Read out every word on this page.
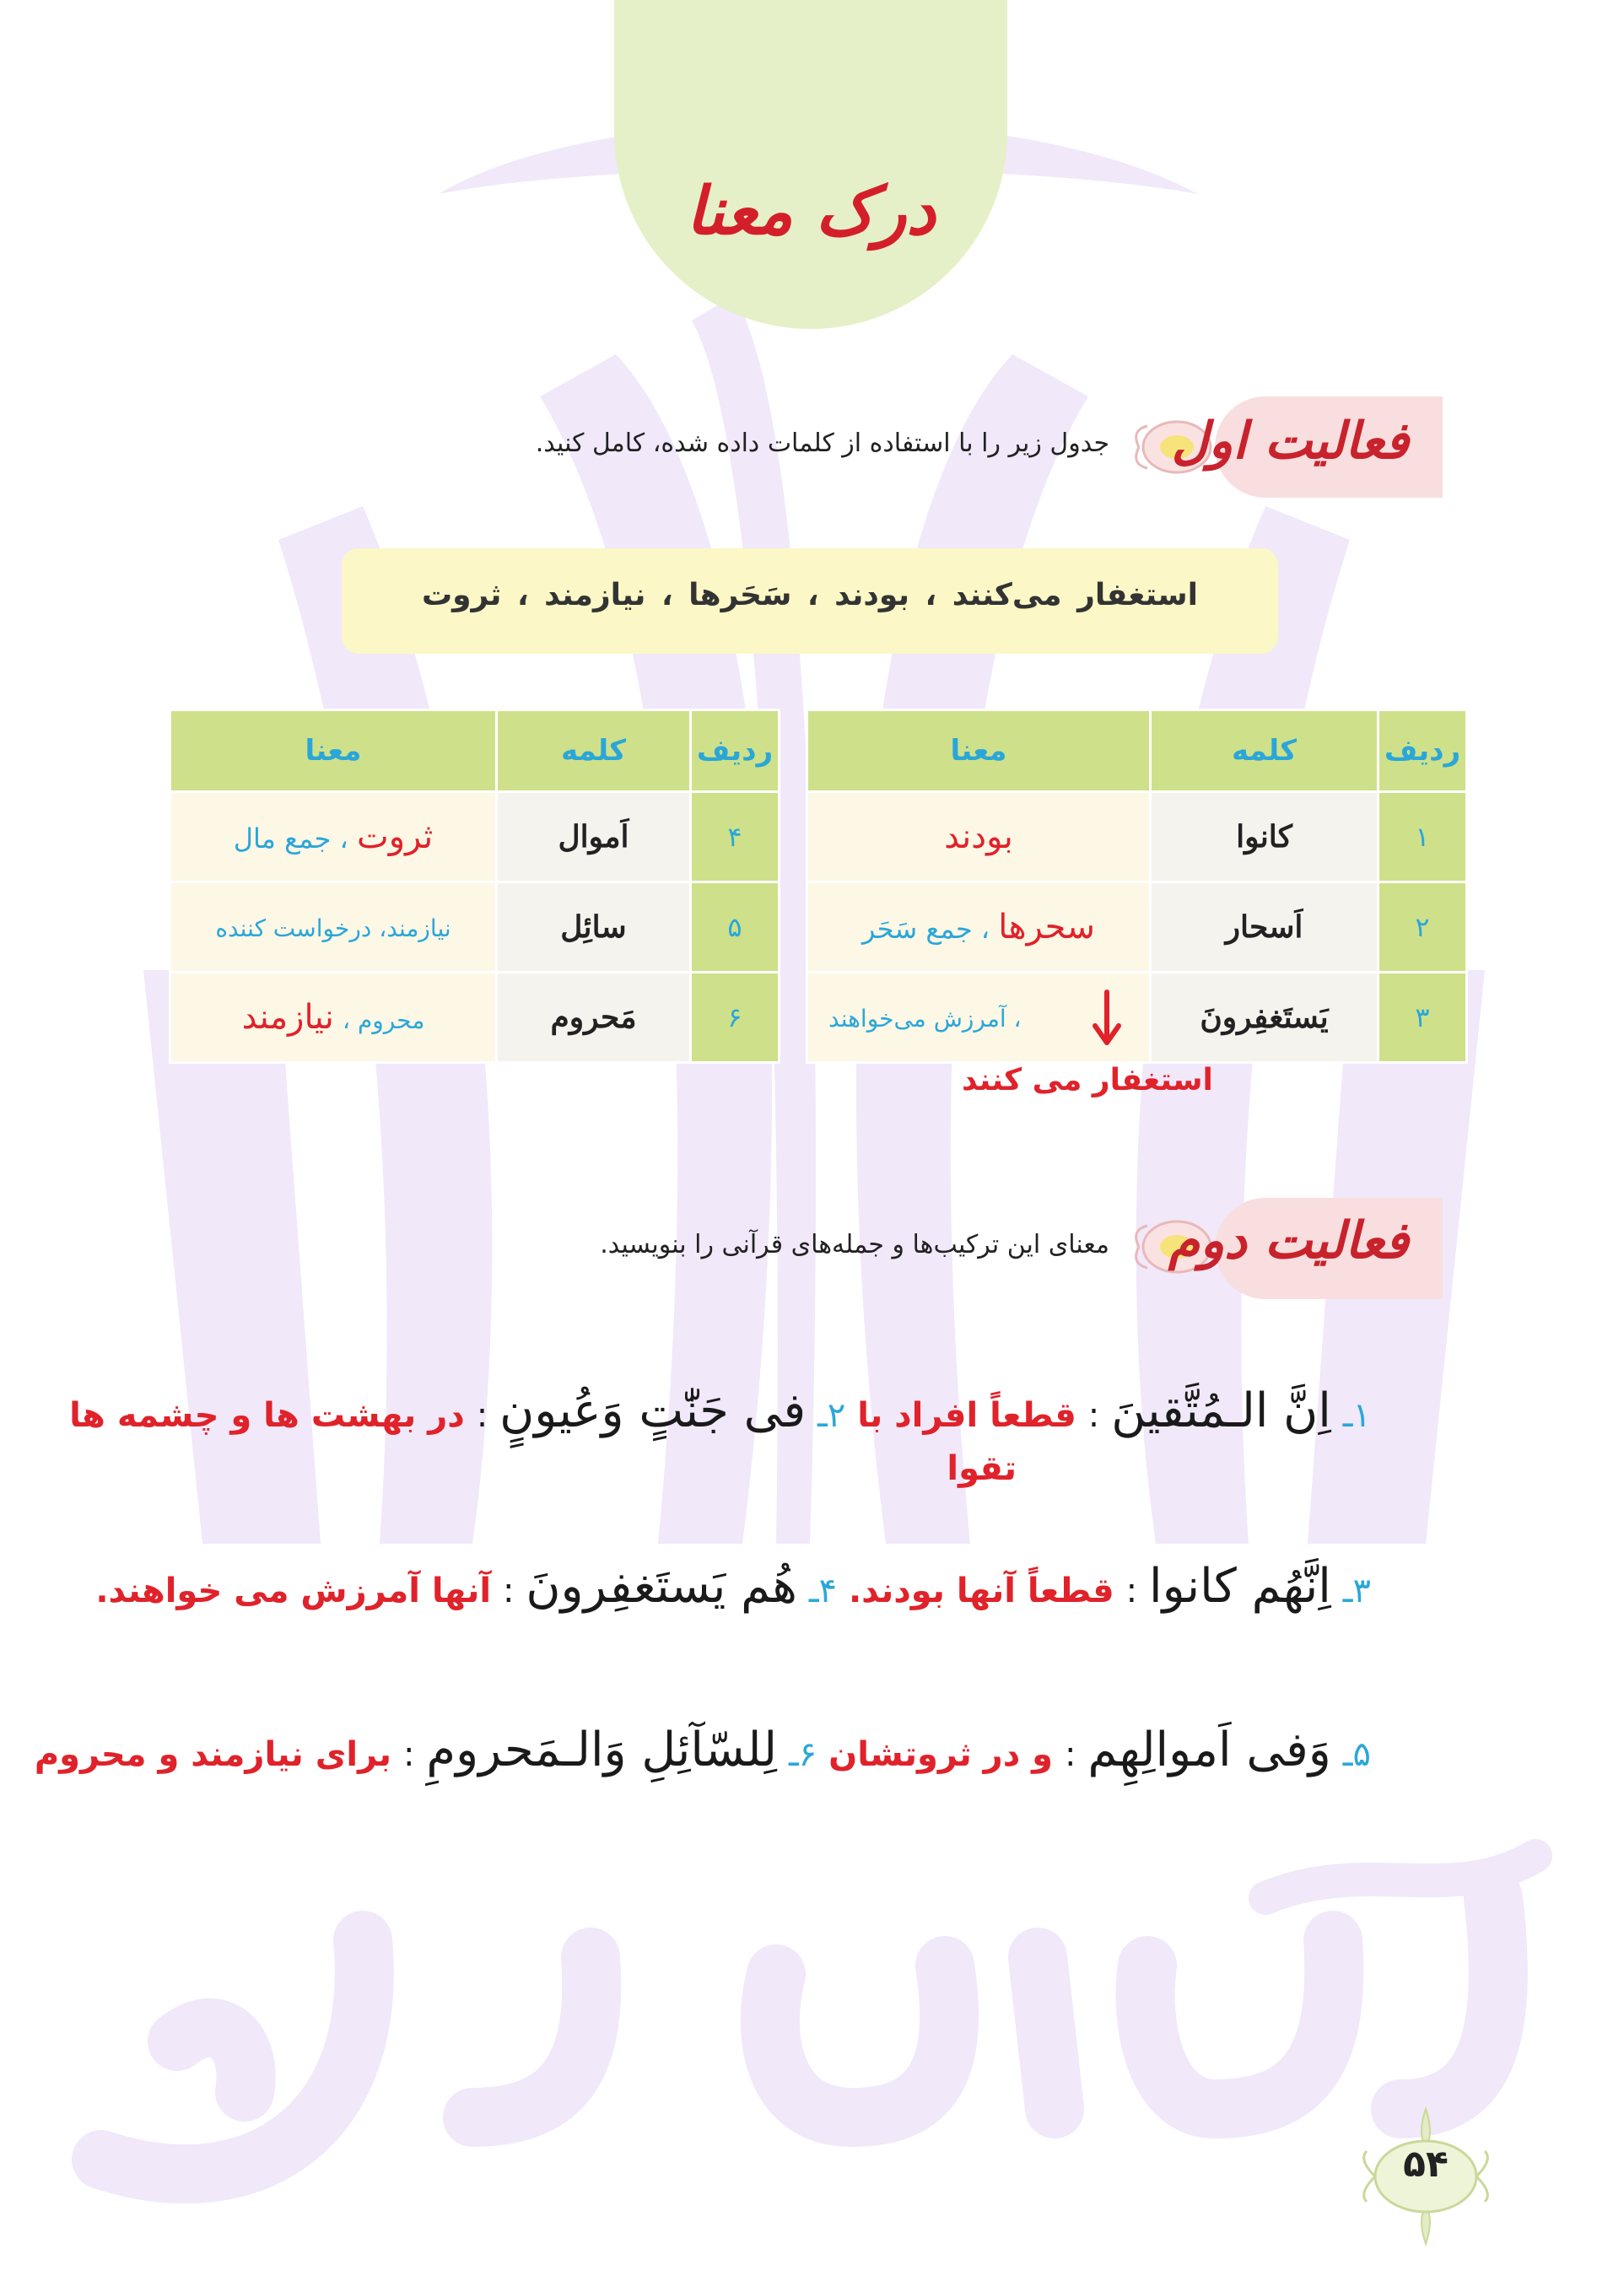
درک معنا
فعالیت اول
جدول زیر را با استفاده از کلمات داده شده، کامل کنید.
استغفار می‌کنند ، بودند ، سَحَرها ، نیازمند ، ثروت
ردیف	کلمه	معنا
۱	کانوا	بودند
۲	اَسحار	سحرها ، جمع سَحَر
۳	یَستَغفِرونَ	، آمرزش می‌خواهند
ردیف	کلمه	معنا
۴	اَموال	ثروت ، جمع مال
۵	سائِل	نیازمند، درخواست کننده
۶	مَحروم	محروم ، نیازمند
استغفار می کنند
فعالیت دوم
معنای این ترکیب‌ها و جمله‌های قرآنی را بنویسید.
۱ـ اِنَّ الـمُتَّقینَ : قطعاً افراد با ۲ـ فی جَنّٰتٍ وَعُیونٍ : در بهشت ها و چشمه ها
تقوا
۳ـ اِنَّهُم کانوا : قطعاً آنها بودند. ۴ـ هُم یَستَغفِرونَ : آنها آمرزش می خواهند.
۵ـ وَفی اَموالِهِم : و در ثروتشان ۶ـ لِلسّآئِلِ وَالـمَحرومِ : برای نیازمند و محروم
۵۴
